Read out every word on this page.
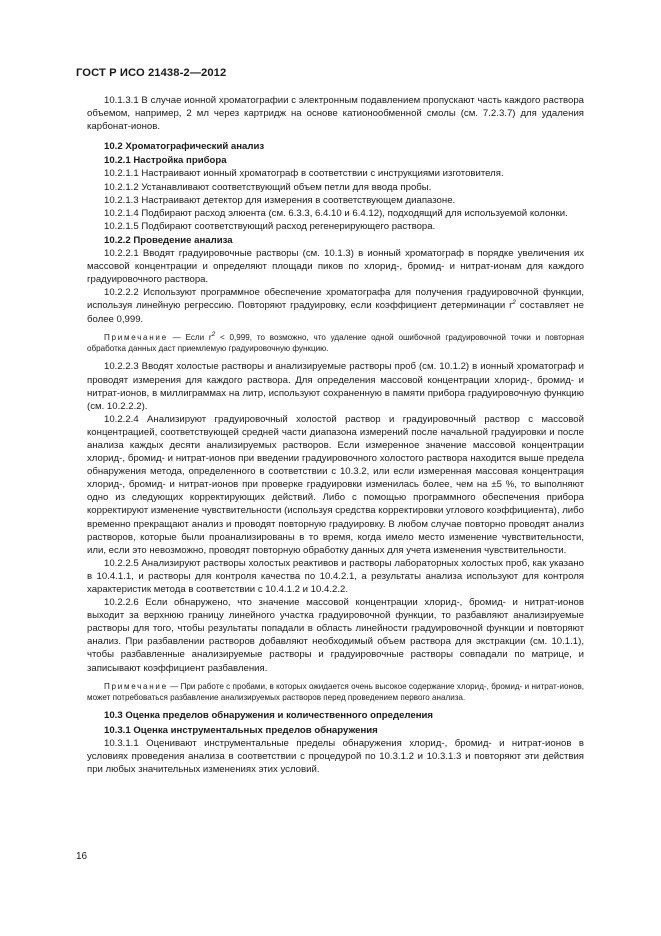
ГОСТ Р ИСО 21438-2—2012

10.1.3.1 В случае ионной хроматографии с электронным подавлением пропускают часть каждого раствора объемом, например, 2 мл через картридж на основе катионообменной смолы (см. 7.2.3.7) для удаления карбонат-ионов.

10.2 Хроматографический анализ

10.2.1 Настройка прибора

10.2.1.1 Настраивают ионный хроматограф в соответствии с инструкциями изготовителя.

10.2.1.2 Устанавливают соответствующий объем петли для ввода пробы.

10.2.1.3 Настраивают детектор для измерения в соответствующем диапазоне.

10.2.1.4 Подбирают расход элюента (см. 6.3.3, 6.4.10 и 6.4.12), подходящий для используемой колонки.

10.2.1.5 Подбирают соответствующий расход регенерирующего раствора.

10.2.2 Проведение анализа

10.2.2.1 Вводят градуировочные растворы (см. 10.1.3) в ионный хроматограф в порядке увеличения их массовой концентрации и определяют площади пиков по хлорид-, бромид- и нитрат-ионам для каждого градуировочного раствора.

10.2.2.2 Используют программное обеспечение хроматографа для получения градуировочной функции, используя линейную регрессию. Повторяют градуировку, если коэффициент детерминации $r^2$ составляет не более 0,999.

Примечание — Если $r^2 < 0,999$, то возможно, что удаление одной ошибочной градуировочной точки и повторная обработка данных даст приемлемую градуировочную функцию.

10.2.2.3 Вводят холостые растворы и анализируемые растворы проб (см. 10.1.2) в ионный хроматограф и проводят измерения для каждого раствора. Для определения массовой концентрации хлорид-, бромид- и нитрат-ионов, в миллиграммах на литр, используют сохраненную в памяти прибора градуировочную функцию (см. 10.2.2.2).

10.2.2.4 Анализируют градуировочный холостой раствор и градуировочный раствор с массовой концентрацией, соответствующей средней части диапазона измерений после начальной градуировки и после анализа каждых десяти анализируемых растворов. Если измеренное значение массовой концентрации хлорид-, бромид- и нитрат-ионов при введении градуировочного холостого раствора находится выше предела обнаружения метода, определенного в соответствии с 10.3.2, или если измеренная массовая концентрация хлорид-, бромид- и нитрат-ионов при проверке градуировки изменилась более, чем на ±5 %, то выполняют одно из следующих корректирующих действий. Либо с помощью программного обеспечения прибора корректируют изменение чувствительности (используя средства корректировки углового коэффициента), либо временно прекращают анализ и проводят повторную градуировку. В любом случае повторно проводят анализ растворов, которые были проанализированы в то время, когда имело место изменение чувствительности, или, если это невозможно, проводят повторную обработку данных для учета изменения чувствительности.

10.2.2.5 Анализируют растворы холостых реактивов и растворы лабораторных холостых проб, как указано в 10.4.1.1, и растворы для контроля качества по 10.4.2.1, а результаты анализа используют для контроля характеристик метода в соответствии с 10.4.1.2 и 10.4.2.2.

10.2.2.6 Если обнаружено, что значение массовой концентрации хлорид-, бромид- и нитрат-ионов выходит за верхнюю границу линейного участка градуировочной функции, то разбавляют анализируемые растворы для того, чтобы результаты попадали в область линейности градуировочной функции и повторяют анализ. При разбавлении растворов добавляют необходимый объем раствора для экстракции (см. 10.1.1), чтобы разбавленные анализируемые растворы и градуировочные растворы совпадали по матрице, и записывают коэффициент разбавления.

Примечание — При работе с пробами, в которых ожидается очень высокое содержание хлорид-, бромид- и нитрат-ионов, может потребоваться разбавление анализируемых растворов перед проведением первого анализа.

10.3 Оценка пределов обнаружения и количественного определения

10.3.1 Оценка инструментальных пределов обнаружения

10.3.1.1 Оценивают инструментальные пределы обнаружения хлорид-, бромид- и нитрат-ионов в условиях проведения анализа в соответствии с процедурой по 10.3.1.2 и 10.3.1.3 и повторяют эти действия при любых значительных изменениях этих условий.

16
